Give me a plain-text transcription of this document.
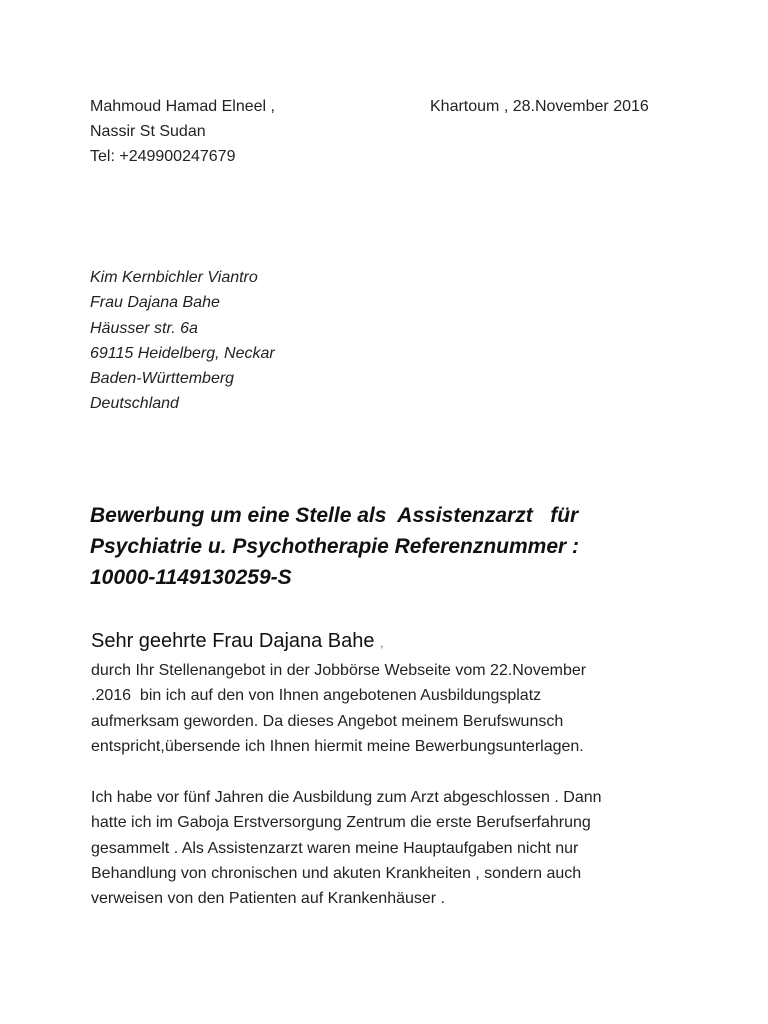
Mahmoud Hamad Elneel ,
Nassir St Sudan
Tel: +249900247679
Khartoum , 28.November 2016
Kim Kernbichler Viantro
Frau Dajana Bahe
Häusser str. 6a
69115 Heidelberg, Neckar
Baden-Württemberg
Deutschland
Bewerbung um eine Stelle als  Assistenzarzt   für
Psychiatrie u. Psychotherapie Referenznummer :
10000-1149130259-S
Sehr geehrte Frau Dajana Bahe ,
durch Ihr Stellenangebot in der Jobbörse Webseite vom 22.November
.2016  bin ich auf den von Ihnen angebotenen Ausbildungsplatz
aufmerksam geworden. Da dieses Angebot meinem Berufswunsch
entspricht,übersende ich Ihnen hiermit meine Bewerbungsunterlagen.
Ich habe vor fünf Jahren die Ausbildung zum Arzt abgeschlossen . Dann
hatte ich im Gaboja Erstversorgung Zentrum die erste Berufserfahrung
gesammelt . Als Assistenzarzt waren meine Hauptaufgaben nicht nur
Behandlung von chronischen und akuten Krankheiten , sondern auch
verweisen von den Patienten auf Krankenhäuser .
